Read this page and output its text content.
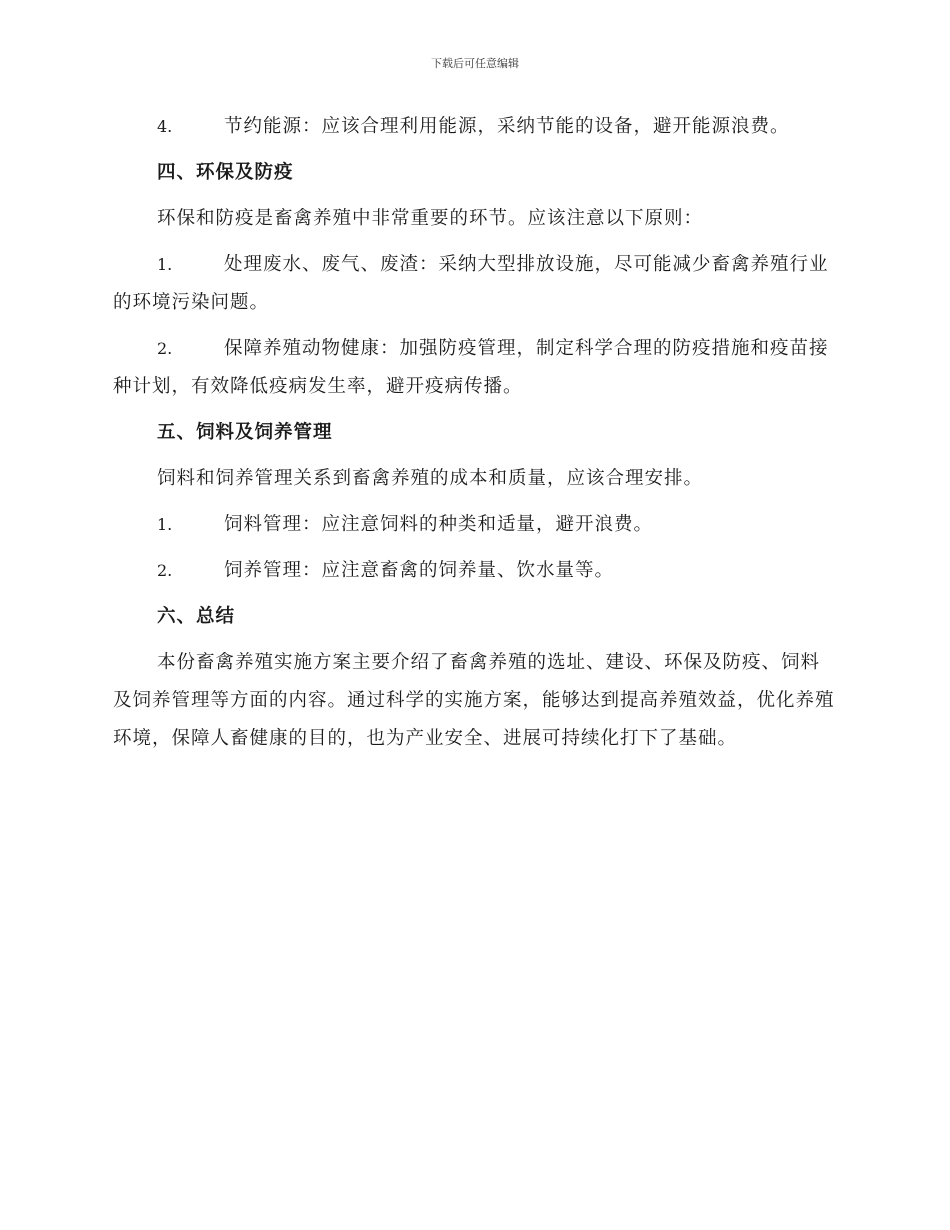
下载后可任意编辑

4.	节约能源：应该合理利用能源，采纳节能的设备，避开能源浪费。

四、环保及防疫

环保和防疫是畜禽养殖中非常重要的环节。应该注意以下原则：

1.	处理废水、废气、废渣：采纳大型排放设施，尽可能减少畜禽养殖行业的环境污染问题。

2.	保障养殖动物健康：加强防疫管理，制定科学合理的防疫措施和疫苗接种计划，有效降低疫病发生率，避开疫病传播。

五、饲料及饲养管理

饲料和饲养管理关系到畜禽养殖的成本和质量，应该合理安排。

1.	饲料管理：应注意饲料的种类和适量，避开浪费。

2.	饲养管理：应注意畜禽的饲养量、饮水量等。

六、总结

本份畜禽养殖实施方案主要介绍了畜禽养殖的选址、建设、环保及防疫、饲料及饲养管理等方面的内容。通过科学的实施方案，能够达到提高养殖效益，优化养殖环境，保障人畜健康的目的，也为产业安全、进展可持续化打下了基础。
